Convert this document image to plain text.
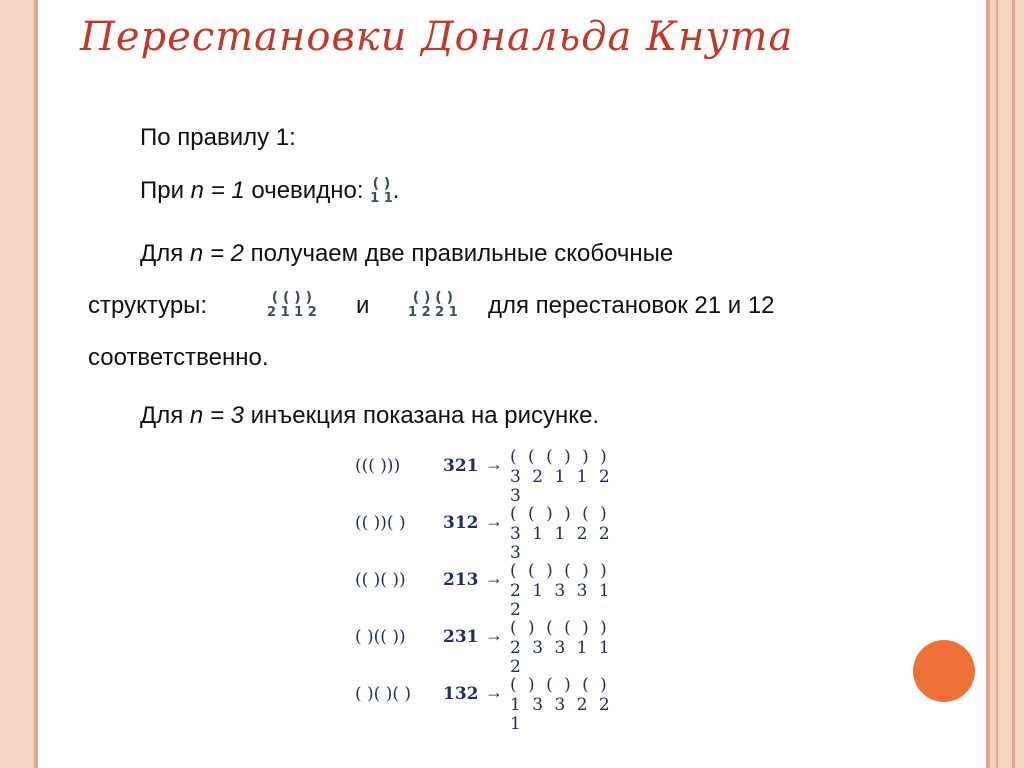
Перестановки Дональда Кнута
По правилу 1:
При n = 1 очевидно: ( )
1 1 .
Для n = 2 получаем две правильные скобочные
структуры:	( ( ) )
2 1 1 2 и	( ) ( )
1 2 2 1 для перестановок 21 и 12
соответственно.
Для n = 3 инъекция показана на рисунке.
((( )))	321 → ( ( ( ) ) )
3 2 1 1 2 3
(( ))( ) 312 → ( ( ) ) ( )
3 1 1 2 2 3
(( )( )) 213 → ( ( ) ( ) )
2 1 3 3 1 2
( )(( )) 231 → ( ) ( ( ) )
2 3 3 1 1 2
( )( )( ) 132 → ( ) ( ) ( )
1 3 3 2 2 1
